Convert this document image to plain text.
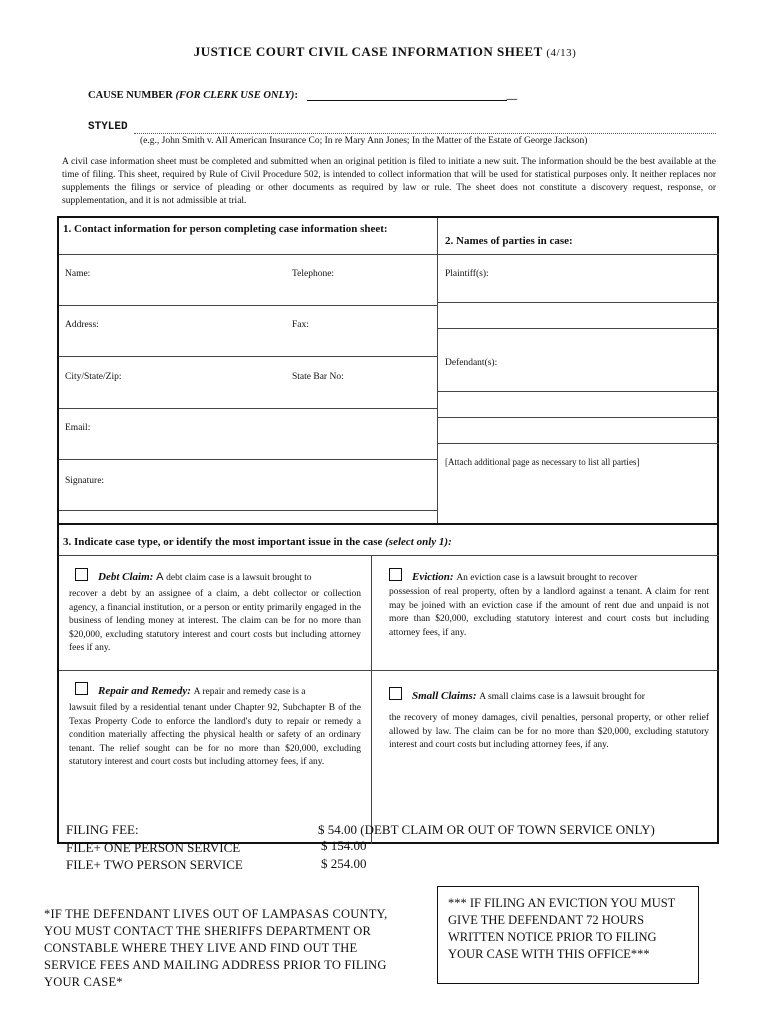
JUSTICE COURT CIVIL CASE INFORMATION SHEET (4/13)
CAUSE NUMBER (FOR CLERK USE ONLY):	__
STYLED
(e.g., John Smith v. All American Insurance Co; In re Mary Ann Jones; In the Matter of the Estate of George Jackson)
A civil case information sheet must be completed and submitted when an original petition is filed to initiate a new suit. The information should be the best available at the time of filing. This sheet, required by Rule of Civil Procedure 502, is intended to collect information that will be used for statistical purposes only. It neither replaces nor supplements the filings or service of pleading or other documents as required by law or rule. The sheet does not constitute a discovery request, response, or supplementation, and it is not admissible at trial.
1. Contact information for person completing case information sheet:
2. Names of parties in case:
Name:	Telephone:
Address:	Fax:
City/State/Zip:	State Bar No:
Email:
Signature:
Plaintiff(s):
Defendant(s):
[Attach additional page as necessary to list all parties]
3. Indicate case type, or identify the most important issue in the case (select only 1):
Debt Claim: A debt claim case is a lawsuit brought to
recover a debt by an assignee of a claim, a debt collector or collection agency, a financial institution, or a person or entity primarily engaged in the business of lending money at interest. The claim can be for no more than $20,000, excluding statutory interest and court costs but including attorney fees if any.
Eviction: An eviction case is a lawsuit brought to recover
possession of real property, often by a landlord against a tenant. A claim for rent may be joined with an eviction case if the amount of rent due and unpaid is not more than $20,000, excluding statutory interest and court costs but including attorney fees, if any.
Repair and Remedy: A repair and remedy case is a
lawsuit filed by a residential tenant under Chapter 92, Subchapter B of the Texas Property Code to enforce the landlord's duty to repair or remedy a condition materially affecting the physical health or safety of an ordinary tenant. The relief sought can be for no more than $20,000, excluding statutory interest and court costs but including attorney fees, if any.
Small Claims: A small claims case is a lawsuit brought for
the recovery of money damages, civil penalties, personal property, or other relief allowed by law. The claim can be for no more than $20,000, excluding statutory interest and court costs but including attorney fees, if any.
FILING FEE:	$ 54.00 (DEBT CLAIM OR OUT OF TOWN SERVICE ONLY)
FILE+ ONE PERSON SERVICE	$ 154.00
FILE+ TWO PERSON SERVICE	$ 254.00
*IF THE DEFENDANT LIVES OUT OF LAMPASAS COUNTY, YOU MUST CONTACT THE SHERIFFS DEPARTMENT OR CONSTABLE WHERE THEY LIVE AND FIND OUT THE SERVICE FEES AND MAILING ADDRESS PRIOR TO FILING YOUR CASE*
*** IF FILING AN EVICTION YOU MUST GIVE THE DEFENDANT 72 HOURS WRITTEN NOTICE PRIOR TO FILING YOUR CASE WITH THIS OFFICE***
